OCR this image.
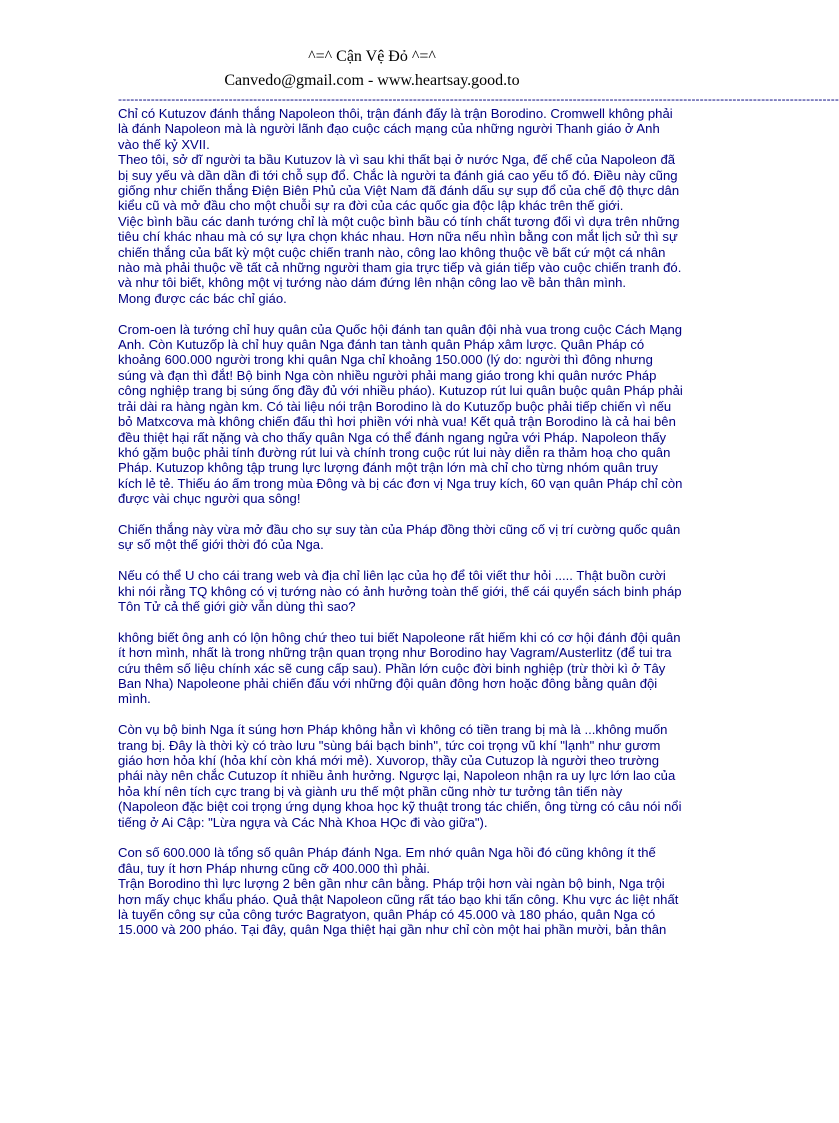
^=^ Cận Vệ Đỏ ^=^
Canvedo@gmail.com - www.heartsay.good.to
--------------------------------------------------------------------------------------------------------------------------------------------------------------------------------

Chỉ có Kutuzov đánh thắng Napoleon thôi, trận đánh đấy là trận Borodino. Cromwell không phải
là đánh Napoleon mà là người lãnh đạo cuộc cách mạng của những người Thanh giáo ở Anh
vào thế kỷ XVII.

Theo tôi, sở dĩ người ta bầu Kutuzov là vì sau khi thất bại ở nước Nga, đế chế của Napoleon đã
bị suy yếu và dần dần đi tới chỗ sụp đổ. Chắc là người ta đánh giá cao yếu tố đó. Điều này cũng
giống như chiến thắng Điện Biên Phủ của Việt Nam đã đánh dấu sự sụp đổ của chế độ thực dân
kiểu cũ và mở đầu cho một chuỗi sự ra đời của các quốc gia độc lập khác trên thế giới.

Việc bình bầu các danh tướng chỉ là một cuộc bình bầu có tính chất tương đối vì dựa trên những
tiêu chí khác nhau mà có sự lựa chọn khác nhau. Hơn nữa nếu nhìn bằng con mắt lịch sử thì sự
chiến thắng của bất kỳ một cuộc chiến tranh nào, công lao không thuộc về bất cứ một cá nhân
nào mà phải thuộc về tất cả những người tham gia trực tiếp và gián tiếp vào cuộc chiến tranh đó.
và như tôi biết, không một vị tướng nào dám đứng lên nhận công lao về bản thân mình.
Mong được các bác chỉ giáo.

Crom-oen là tướng chỉ huy quân của Quốc hội đánh tan quân đội nhà vua trong cuộc Cách Mạng
Anh. Còn Kutuzốp là chỉ huy quân Nga đánh tan tành quân Pháp xâm lược. Quân Pháp có
khoảng 600.000 người trong khi quân Nga chỉ khoảng 150.000 (lý do: người thì đông nhưng
súng và đạn thì đắt! Bộ binh Nga còn nhiều người phải mang giáo trong khi quân nước Pháp
công nghiệp trang bị súng ống đầy đủ với nhiều pháo). Kutuzop rút lui quân buộc quân Pháp phải
trải dài ra hàng ngàn km. Có tài liệu nói trận Borodino là do Kutuzốp buộc phải tiếp chiến vì nếu
bỏ Matxcơva mà không chiến đấu thì hơi phiền với nhà vua! Kết quả trận Borodino là cả hai bên
đều thiệt hại rất nặng và cho thấy quân Nga có thể đánh ngang ngửa với Pháp. Napoleon thấy
khó gặm buộc phải tính đường rút lui và chính trong cuộc rút lui này diễn ra thảm hoạ cho quân
Pháp. Kutuzop không tập trung lực lượng đánh một trận lớn mà chỉ cho từng nhóm quân truy
kích lẻ tẻ. Thiếu áo ấm trong mùa Đông và bị các đơn vị Nga truy kích, 60 vạn quân Pháp chỉ còn
được vài chục người qua sông!

Chiến thắng này vừa mở đầu cho sự suy tàn của Pháp đồng thời cũng cố vị trí cường quốc quân
sự số một thế giới thời đó của Nga.

Nếu có thể U cho cái trang web và địa chỉ liên lạc của họ để tôi viết thư hỏi ..... Thật buồn cười
khi nói rằng TQ không có vị tướng nào có ảnh hưởng toàn thế giới, thế cái quyển sách binh pháp
Tôn Tử cả thế giới giờ vẫn dùng thì sao?

không biết ông anh có lộn hông chứ theo tui biết Napoleone rất hiếm khi có cơ hội đánh đội quân
ít hơn mình, nhất là trong những trận quan trọng như Borodino hay Vagram/Austerlitz (để tui tra
cứu thêm số liệu chính xác sẽ cung cấp sau). Phần lớn cuộc đời binh nghiệp (trừ thời kì ở Tây
Ban Nha) Napoleone phải chiến đấu với những đội quân đông hơn hoặc đông bằng quân đội
mình.

Còn vụ bộ binh Nga ít súng hơn Pháp không hẳn vì không có tiền trang bị mà là ...không muốn
trang bị. Đây là thời kỳ có trào lưu "sùng bái bạch binh", tức coi trọng vũ khí "lạnh" như gươm
giáo hơn hỏa khí (hỏa khí còn khá mới mẻ). Xuvorop, thầy của Cutuzop là người theo trường
phái này nên chắc Cutuzop ít nhiều ảnh hưởng. Ngược lại, Napoleon nhận ra uy lực lớn lao của
hỏa khí nên tích cực trang bị và giành ưu thế một phần cũng nhờ tư tưởng tân tiến này
(Napoleon đặc biệt coi trọng ứng dụng khoa học kỹ thuật trong tác chiến, ông từng có câu nói nổi
tiếng ở Ai Cập: "Lừa ngựa và Các Nhà Khoa HỌc đi vào giữa").

Con số 600.000 là tổng số quân Pháp đánh Nga. Em nhớ quân Nga hồi đó cũng không ít thế
đâu, tuy ít hơn Pháp nhưng cũng cỡ 400.000 thì phải.

Trận Borodino thì lực lượng 2 bên gần như cân bằng. Pháp trội hơn vài ngàn bộ binh, Nga trội
hơn mấy chục khẩu pháo. Quả thật Napoleon cũng rất táo bạo khi tấn công. Khu vực ác liệt nhất
là tuyến công sự của công tước Bagratyon, quân Pháp có 45.000 và 180 pháo, quân Nga có
15.000 và 200 pháo. Tại đây, quân Nga thiệt hại gần như chỉ còn một hai phần mười, bản thân
